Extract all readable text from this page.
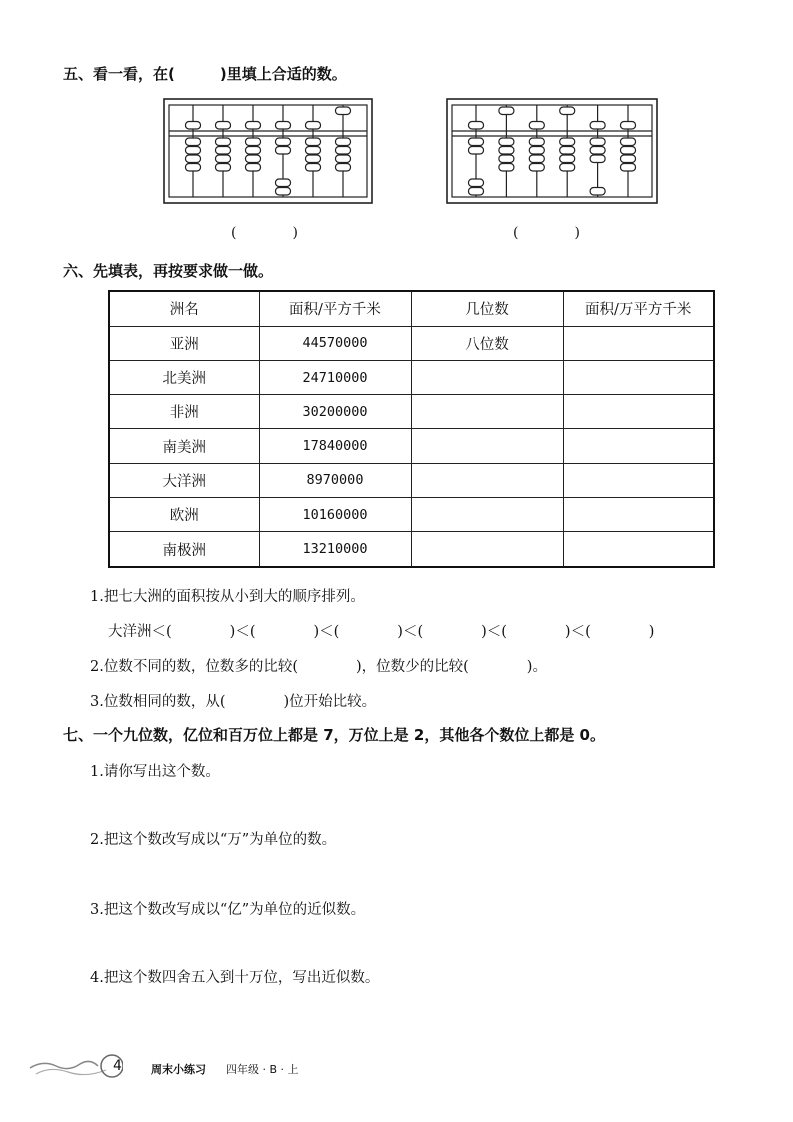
五、看一看，在(　　　)里填上合适的数。
(　　　　)	(　　　　)
六、先填表，再按要求做一做。
洲名	面积/平方千米	几位数	面积/万平方千米
亚洲	44570000	八位数	
北美洲	24710000		
非洲	30200000		
南美洲	17840000		
大洋洲	8970000		
欧洲	10160000		
南极洲	13210000		
1.把七大洲的面积按从小到大的顺序排列。
大洋洲＜(　　　　)＜(　　　　)＜(　　　　)＜(　　　　)＜(　　　　)＜(　　　　)
2.位数不同的数，位数多的比较(　　　　)，位数少的比较(　　　　)。
3.位数相同的数，从(　　　　)位开始比较。
七、一个九位数，亿位和百万位上都是 7，万位上是 2，其他各个数位上都是 0。
1.请你写出这个数。
2.把这个数改写成以“万”为单位的数。
3.把这个数改写成以“亿”为单位的近似数。
4.把这个数四舍五入到十万位，写出近似数。
4	周末小练习 四年级 · B · 上
